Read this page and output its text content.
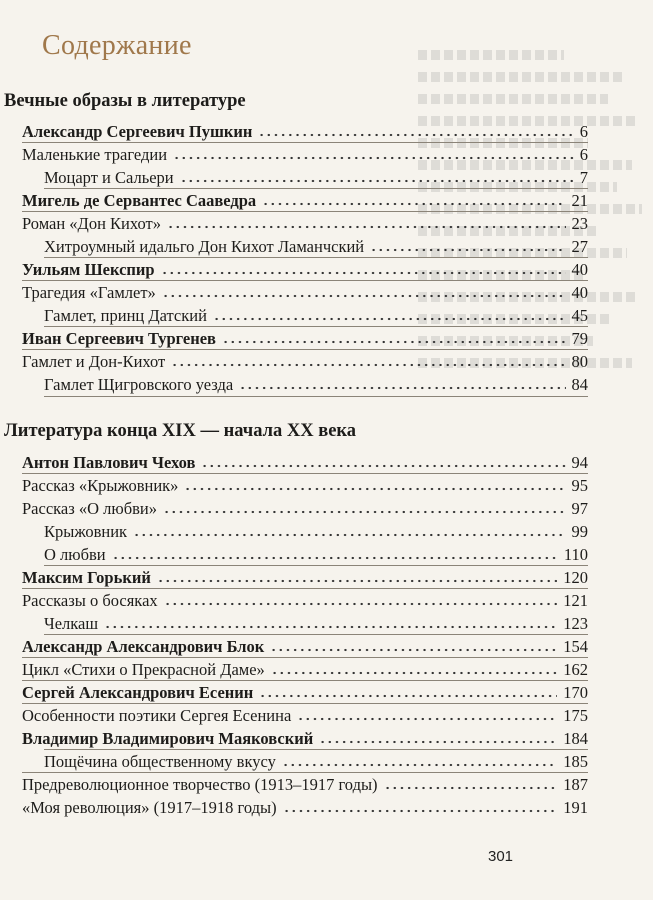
Содержание
Вечные образы в литературе
Литература конца XIX — начала XX века
Александр Сергеевич Пушкин	6
Маленькие трагедии	6
Моцарт и Сальери	7
Мигель де Сервантес Сааведра	21
Роман «Дон Кихот»	23
Хитроумный идальго Дон Кихот Ламанчский	27
Уильям Шекспир	40
Трагедия «Гамлет»	40
Гамлет, принц Датский	45
Иван Сергеевич Тургенев	79
Гамлет и Дон-Кихот	80
Гамлет Щигровского уезда	84
Антон Павлович Чехов	94
Рассказ «Крыжовник»	95
Рассказ «О любви»	97
Крыжовник	99
О любви	110
Максим Горький	120
Рассказы о босяках	121
Челкаш	123
Александр Александрович Блок	154
Цикл «Стихи о Прекрасной Даме»	162
Сергей Александрович Есенин	170
Особенности поэтики Сергея Есенина	175
Владимир Владимирович Маяковский	184
Пощёчина общественному вкусу	185
Предреволюционное творчество (1913–1917 годы)	187
«Моя революция» (1917–1918 годы)	191
301
